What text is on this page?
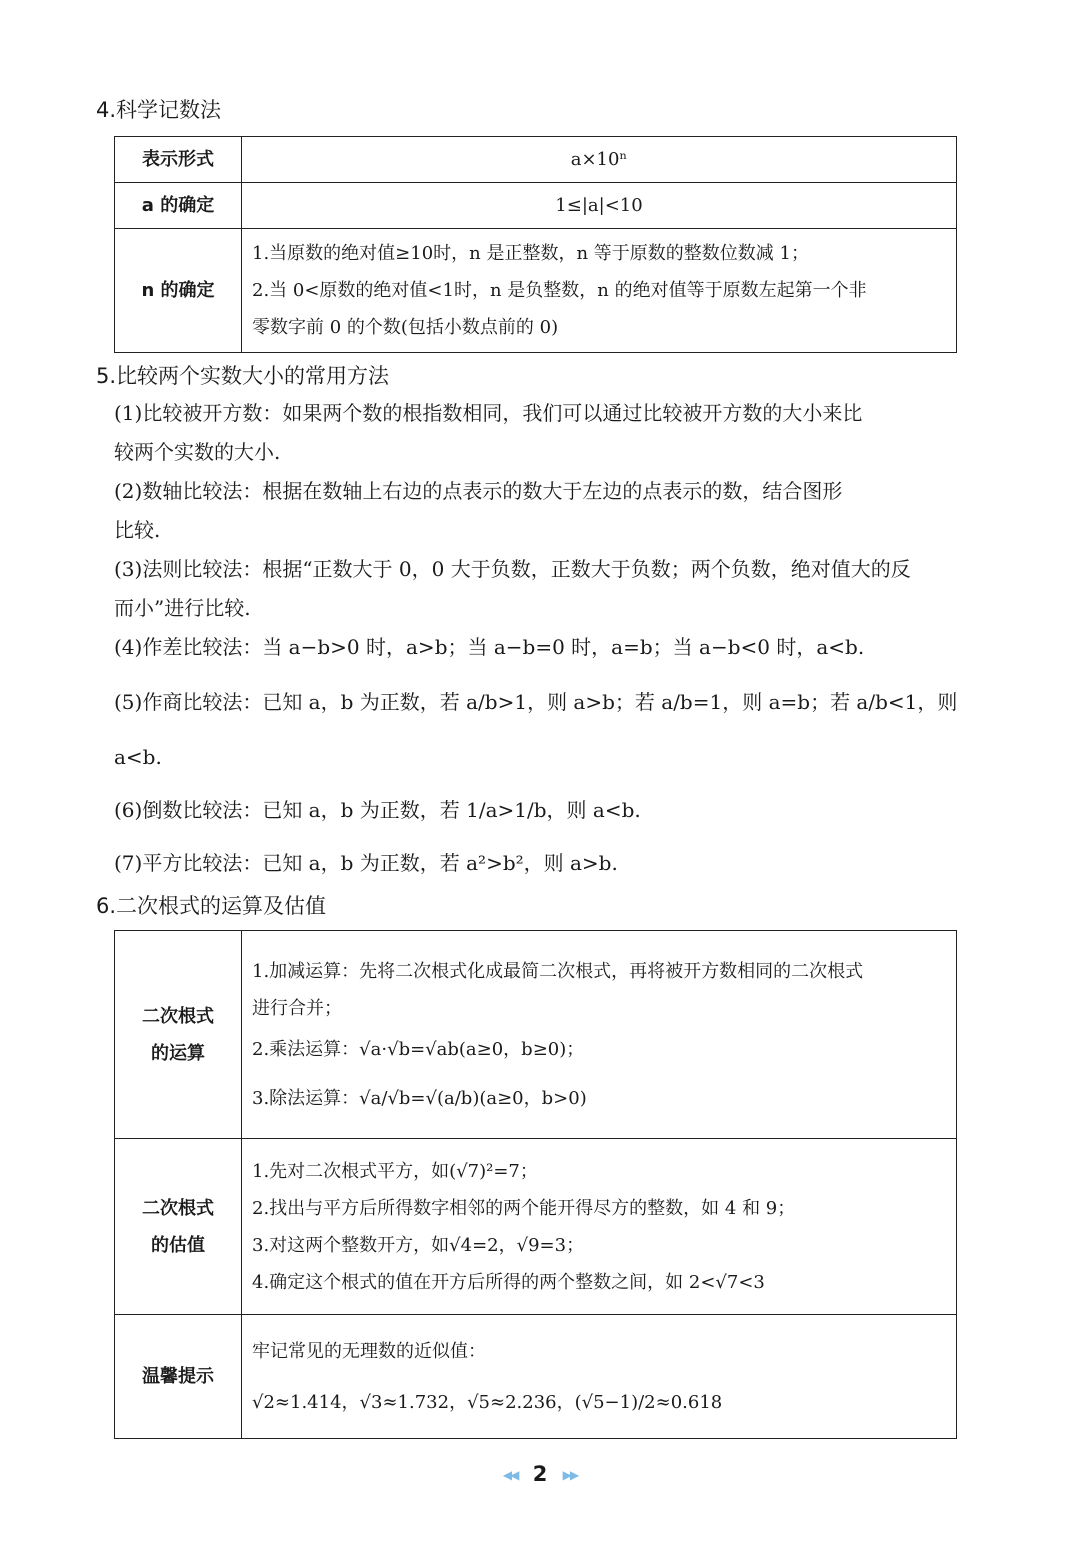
4.科学记数法
表示形式	a×10ⁿ
a 的确定	1≤|a|<10
n 的确定	1.当原数的绝对值≥10时，n 是正整数，n 等于原数的整数位数减 1；
2.当 0<原数的绝对值<1时，n 是负整数，n 的绝对值等于原数左起第一个非
零数字前 0 的个数(包括小数点前的 0)
5.比较两个实数大小的常用方法
(1)比较被开方数：如果两个数的根指数相同，我们可以通过比较被开方数的大小来比
较两个实数的大小.
(2)数轴比较法：根据在数轴上右边的点表示的数大于左边的点表示的数，结合图形
比较.
(3)法则比较法：根据“正数大于 0，0 大于负数，正数大于负数；两个负数，绝对值大的反
而小”进行比较.
(4)作差比较法：当 a−b>0 时，a>b；当 a−b=0 时，a=b；当 a−b<0 时，a<b.
(5)作商比较法：已知 a，b 为正数，若 a/b>1，则 a>b；若 a/b=1，则 a=b；若 a/b<1，则
a<b.
(6)倒数比较法：已知 a，b 为正数，若 1/a>1/b，则 a<b.
(7)平方比较法：已知 a，b 为正数，若 a²>b²，则 a>b.
6.二次根式的运算及估值
二次根式
的运算	1.加减运算：先将二次根式化成最简二次根式，再将被开方数相同的二次根式
进行合并；
2.乘法运算：√a·√b=√ab(a≥0，b≥0)；
3.除法运算：√a/√b=√(a/b)(a≥0，b>0)

二次根式
的估值	1.先对二次根式平方，如(√7)²=7；
2.找出与平方后所得数字相邻的两个能开得尽方的整数，如 4 和 9；
3.对这两个整数开方，如√4=2，√9=3；
4.确定这个根式的值在开方后所得的两个整数之间，如 2<√7<3

温馨提示	牢记常见的无理数的近似值：
√2≈1.414，√3≈1.732，√5≈2.236，(√5−1)/2≈0.618
◀◀ 2 ▶▶
